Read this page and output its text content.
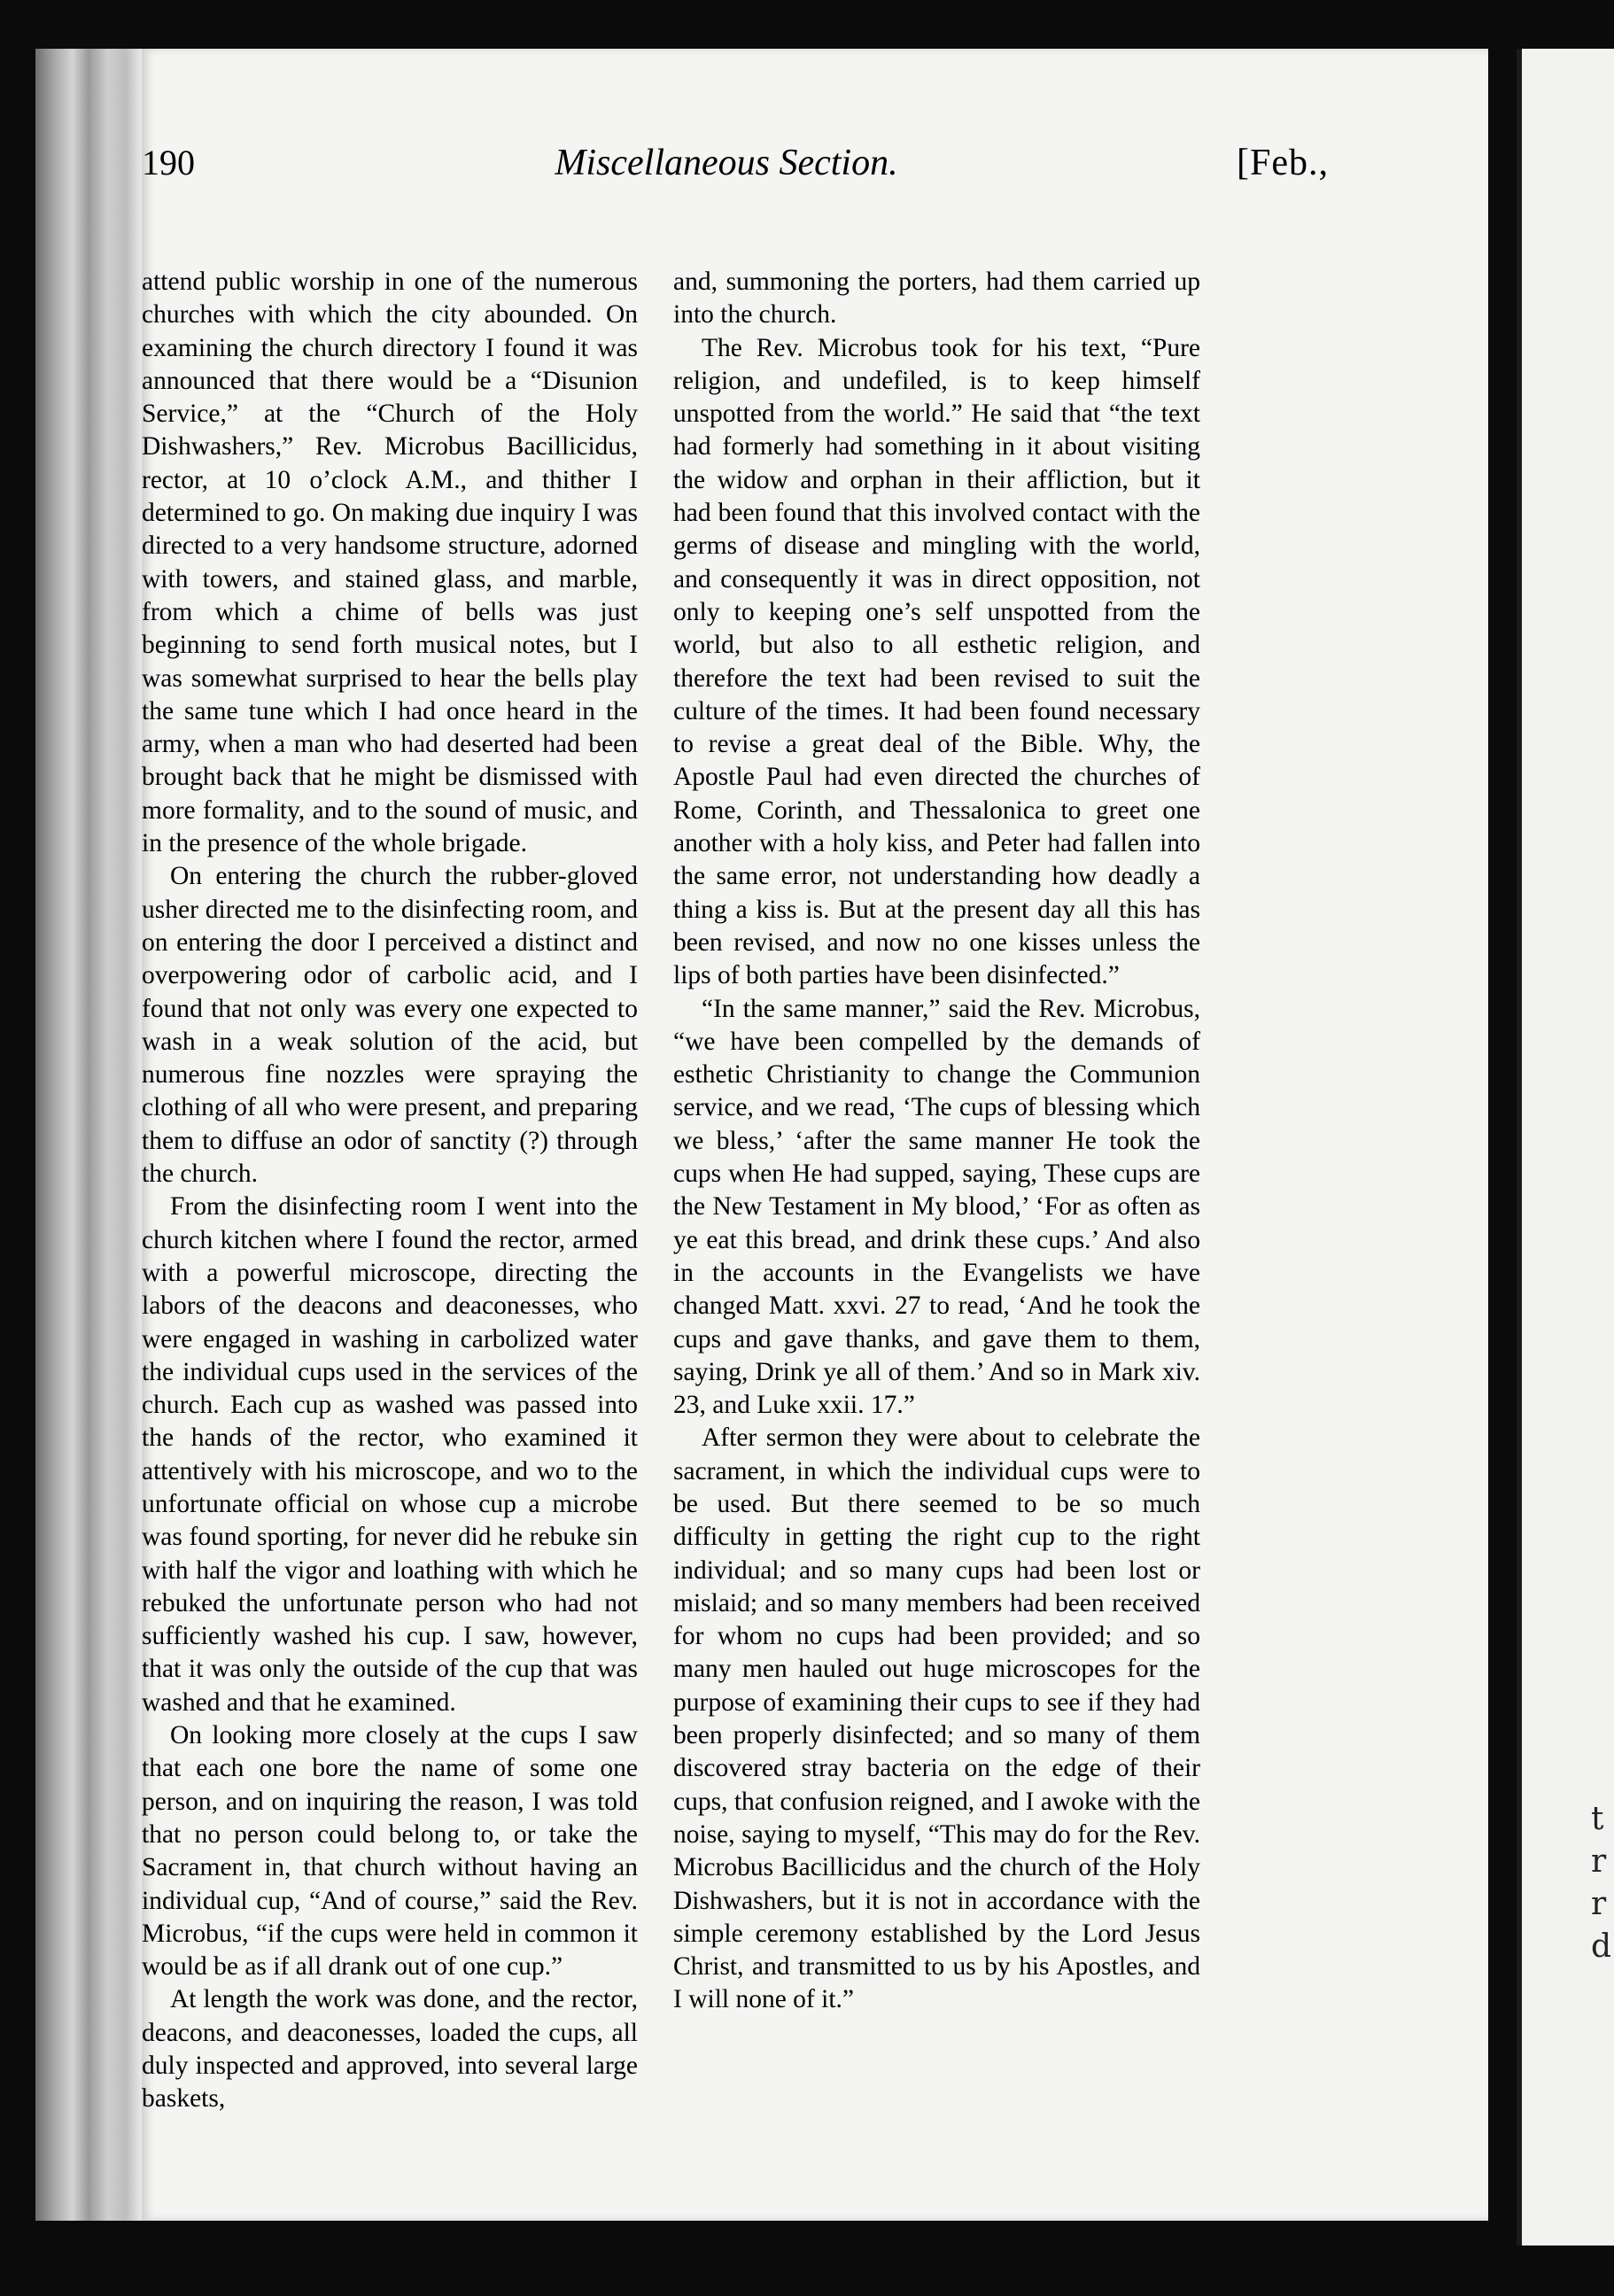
t
r
r
d
190	Miscellaneous Section.	[Feb.,

attend public worship in one of the numerous churches with which the city abounded. On examining the church directory I found it was announced that there would be a “Disunion Service,” at the “Church of the Holy Dishwashers,” Rev. Microbus Bacillicidus, rector, at 10 o’clock A.M., and thither I determined to go. On making due inquiry I was directed to a very handsome structure, adorned with towers, and stained glass, and marble, from which a chime of bells was just beginning to send forth musical notes, but I was somewhat surprised to hear the bells play the same tune which I had once heard in the army, when a man who had deserted had been brought back that he might be dismissed with more formality, and to the sound of music, and in the presence of the whole brigade.

On entering the church the rubber-gloved usher directed me to the disinfecting room, and on entering the door I perceived a distinct and overpowering odor of carbolic acid, and I found that not only was every one expected to wash in a weak solution of the acid, but numerous fine nozzles were spraying the clothing of all who were present, and preparing them to diffuse an odor of sanctity (?) through the church.

From the disinfecting room I went into the church kitchen where I found the rector, armed with a powerful microscope, directing the labors of the deacons and deaconesses, who were engaged in washing in carbolized water the individual cups used in the services of the church. Each cup as washed was passed into the hands of the rector, who examined it attentively with his microscope, and wo to the unfortunate official on whose cup a microbe was found sporting, for never did he rebuke sin with half the vigor and loathing with which he rebuked the unfortunate person who had not sufficiently washed his cup. I saw, however, that it was only the outside of the cup that was washed and that he examined.

On looking more closely at the cups I saw that each one bore the name of some one person, and on inquiring the reason, I was told that no person could belong to, or take the Sacrament in, that church without having an individual cup, “And of course,” said the Rev. Microbus, “if the cups were held in common it would be as if all drank out of one cup.”

At length the work was done, and the rector, deacons, and deaconesses, loaded the cups, all duly inspected and approved, into several large baskets,

and, summoning the porters, had them carried up into the church.

The Rev. Microbus took for his text, “Pure religion, and undefiled, is to keep himself unspotted from the world.” He said that “the text had formerly had something in it about visiting the widow and orphan in their affliction, but it had been found that this involved contact with the germs of disease and mingling with the world, and consequently it was in direct opposition, not only to keeping one’s self unspotted from the world, but also to all esthetic religion, and therefore the text had been revised to suit the culture of the times. It had been found necessary to revise a great deal of the Bible. Why, the Apostle Paul had even directed the churches of Rome, Corinth, and Thessalonica to greet one another with a holy kiss, and Peter had fallen into the same error, not understanding how deadly a thing a kiss is. But at the present day all this has been revised, and now no one kisses unless the lips of both parties have been disinfected.”

“In the same manner,” said the Rev. Microbus, “we have been compelled by the demands of esthetic Christianity to change the Communion service, and we read, ‘The cups of blessing which we bless,’ ‘after the same manner He took the cups when He had supped, saying, These cups are the New Testament in My blood,’ ‘For as often as ye eat this bread, and drink these cups.’ And also in the accounts in the Evangelists we have changed Matt. xxvi. 27 to read, ‘And he took the cups and gave thanks, and gave them to them, saying, Drink ye all of them.’ And so in Mark xiv. 23, and Luke xxii. 17.”

After sermon they were about to celebrate the sacrament, in which the individual cups were to be used. But there seemed to be so much difficulty in getting the right cup to the right individual; and so many cups had been lost or mislaid; and so many members had been received for whom no cups had been provided; and so many men hauled out huge microscopes for the purpose of examining their cups to see if they had been properly disinfected; and so many of them discovered stray bacteria on the edge of their cups, that confusion reigned, and I awoke with the noise, saying to myself, “This may do for the Rev. Microbus Bacillicidus and the church of the Holy Dishwashers, but it is not in accordance with the simple ceremony established by the Lord Jesus Christ, and transmitted to us by his Apostles, and I will none of it.”
